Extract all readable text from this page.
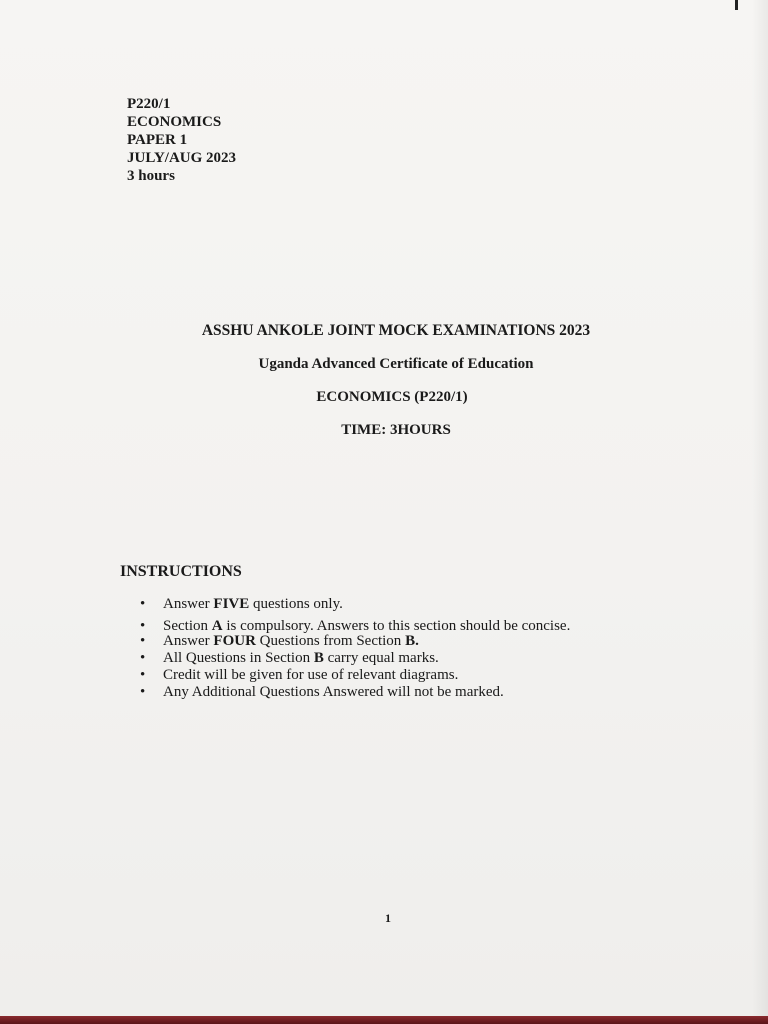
P220/1
ECONOMICS
PAPER 1
JULY/AUG 2023
3 hours
ASSHU ANKOLE JOINT MOCK EXAMINATIONS 2023
Uganda Advanced Certificate of Education
ECONOMICS (P220/1)
TIME: 3HOURS
INSTRUCTIONS
• Answer FIVE questions only.
• Section A is compulsory. Answers to this section should be concise.
• Answer FOUR Questions from Section B.
• All Questions in Section B carry equal marks.
• Credit will be given for use of relevant diagrams.
• Any Additional Questions Answered will not be marked.
1
